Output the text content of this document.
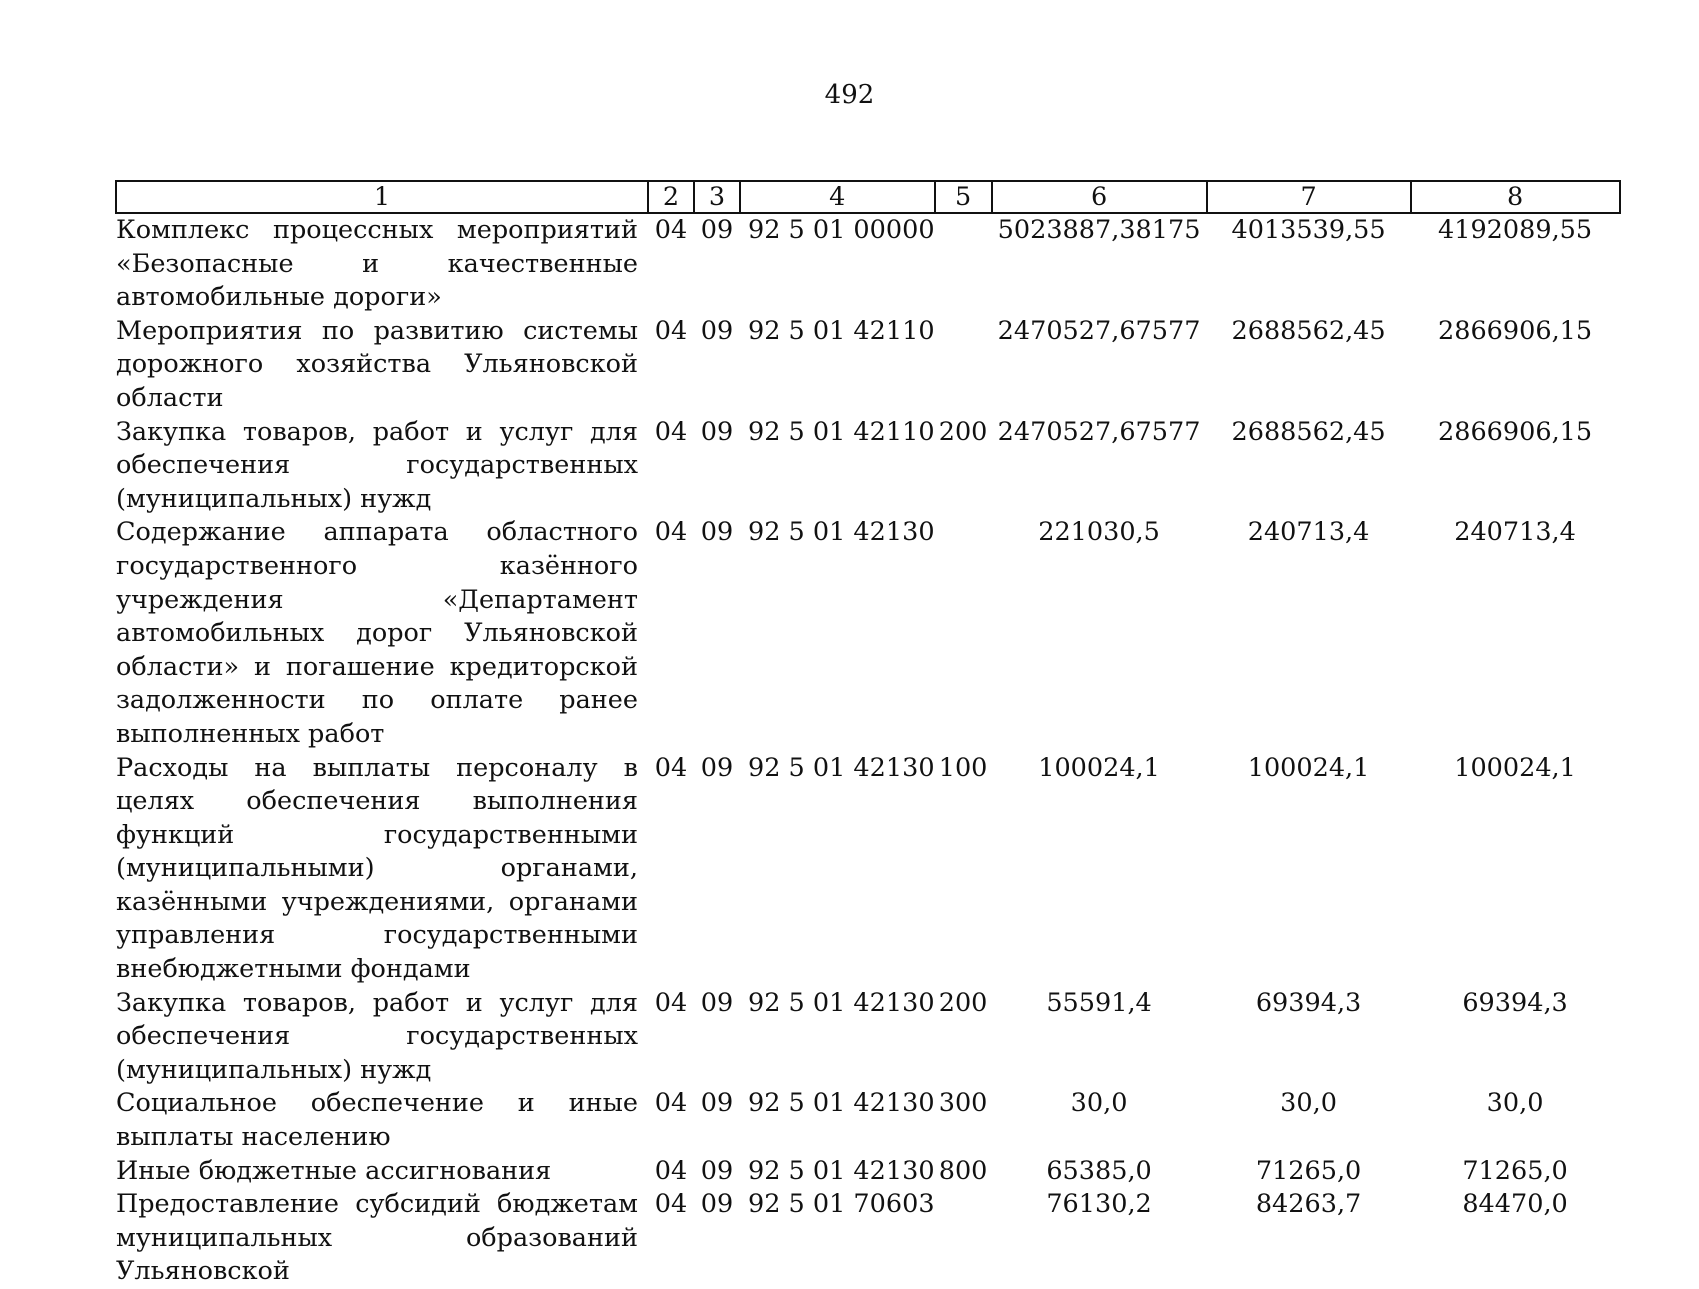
492
1	2	3	4	5	6	7	8
Комплекс процессных мероприятий «Безопасные и качественные автомобильные дороги»	04	09	92 5 01 00000		5023887,38175	4013539,55	4192089,55
Мероприятия по развитию системы дорожного хозяйства Ульяновской области	04	09	92 5 01 42110		2470527,67577	2688562,45	2866906,15
Закупка товаров, работ и услуг для обеспечения государственных (муниципальных) нужд	04	09	92 5 01 42110	200	2470527,67577	2688562,45	2866906,15
Содержание аппарата областного государственного казённого учреждения «Департамент автомобильных дорог Ульяновской области» и погашение кредиторской задолженности по оплате ранее выполненных работ	04	09	92 5 01 42130		221030,5	240713,4	240713,4
Расходы на выплаты персоналу в целях обеспечения выполнения функций государственными (муниципальными) органами, казёнными учреждениями, органами управления государственными внебюджетными фондами	04	09	92 5 01 42130	100	100024,1	100024,1	100024,1
Закупка товаров, работ и услуг для обеспечения государственных (муниципальных) нужд	04	09	92 5 01 42130	200	55591,4	69394,3	69394,3
Социальное обеспечение и иные выплаты населению	04	09	92 5 01 42130	300	30,0	30,0	30,0
Иные бюджетные ассигнования	04	09	92 5 01 42130	800	65385,0	71265,0	71265,0
Предоставление субсидий бюджетам муниципальных образований Ульяновской	04	09	92 5 01 70603		76130,2	84263,7	84470,0
